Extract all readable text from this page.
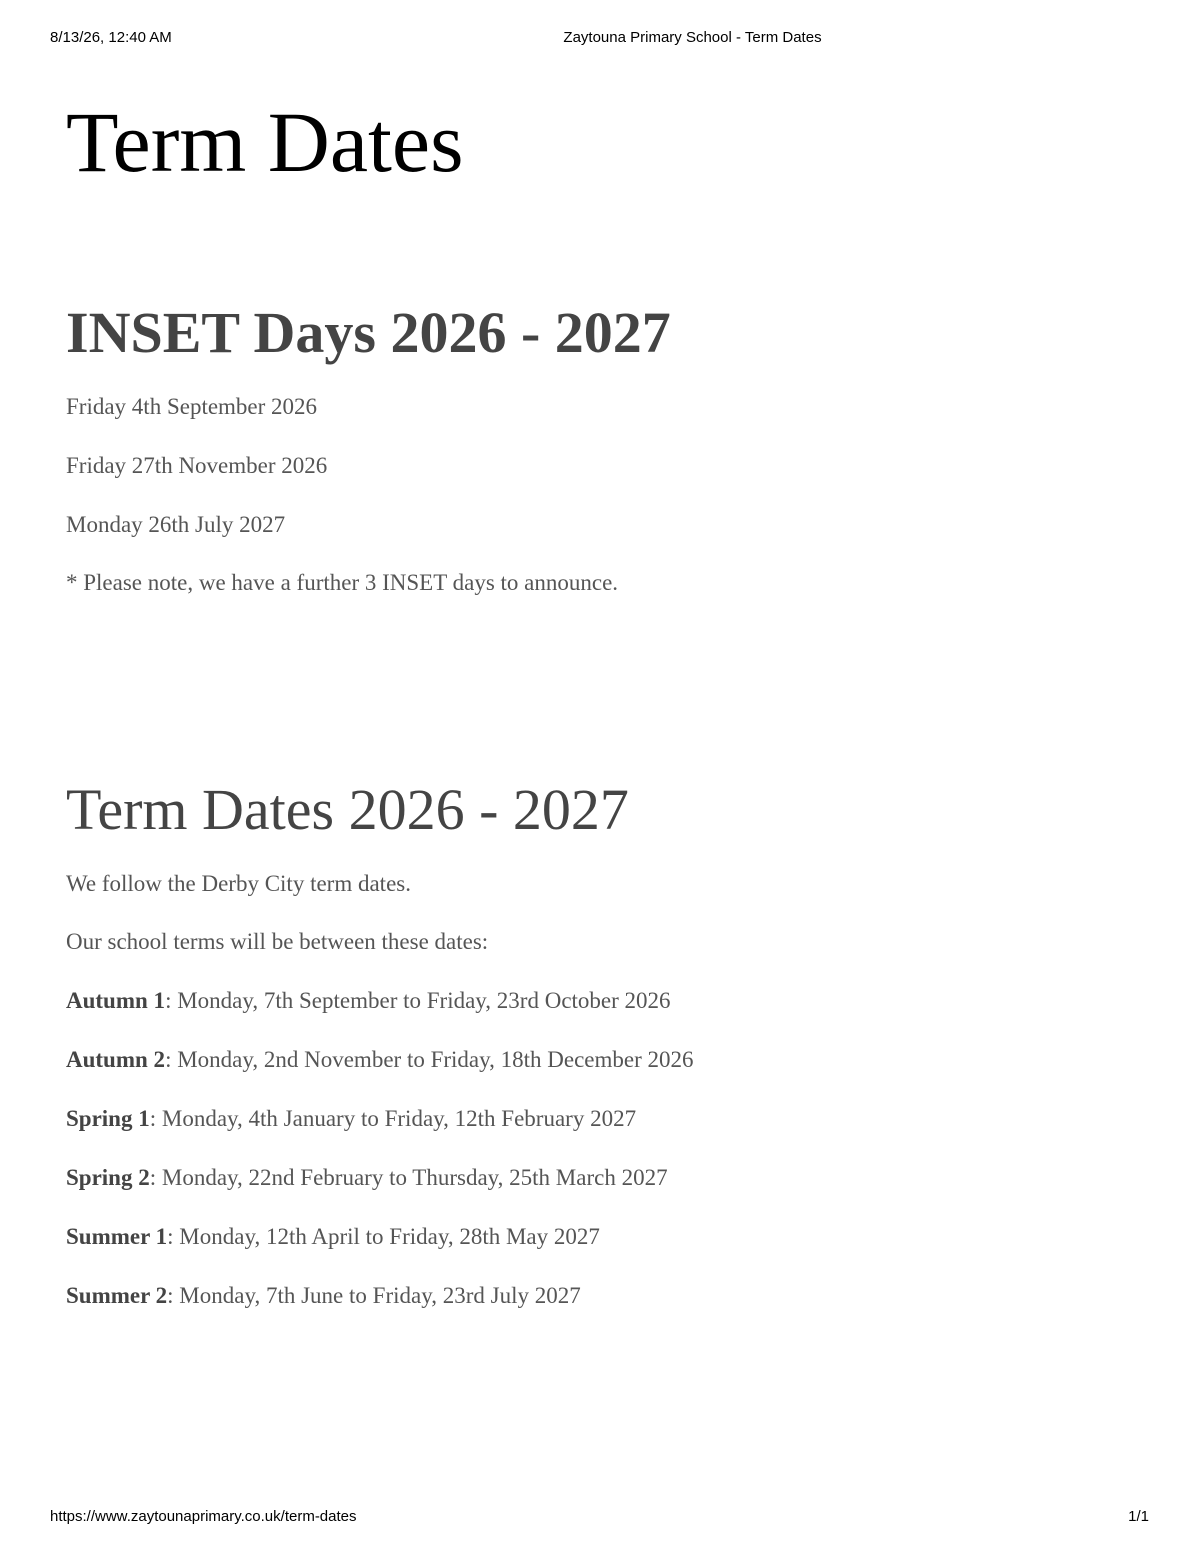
8/13/26, 12:40 AM	Zaytouna Primary School - Term Dates
Term Dates
INSET Days 2026 - 2027

Friday 4th September 2026

Friday 27th November 2026

Monday 26th July 2027

* Please note, we have a further 3 INSET days to announce.

Term Dates 2026 - 2027

We follow the Derby City term dates.

Our school terms will be between these dates:

Autumn 1: Monday, 7th September to Friday, 23rd October 2026

Autumn 2: Monday, 2nd November to Friday, 18th December 2026

Spring 1: Monday, 4th January to Friday, 12th February 2027

Spring 2: Monday, 22nd February to Thursday, 25th March 2027

Summer 1: Monday, 12th April to Friday, 28th May 2027

Summer 2: Monday, 7th June to Friday, 23rd July 2027

https://www.zaytounaprimary.co.uk/term-dates	1/1
